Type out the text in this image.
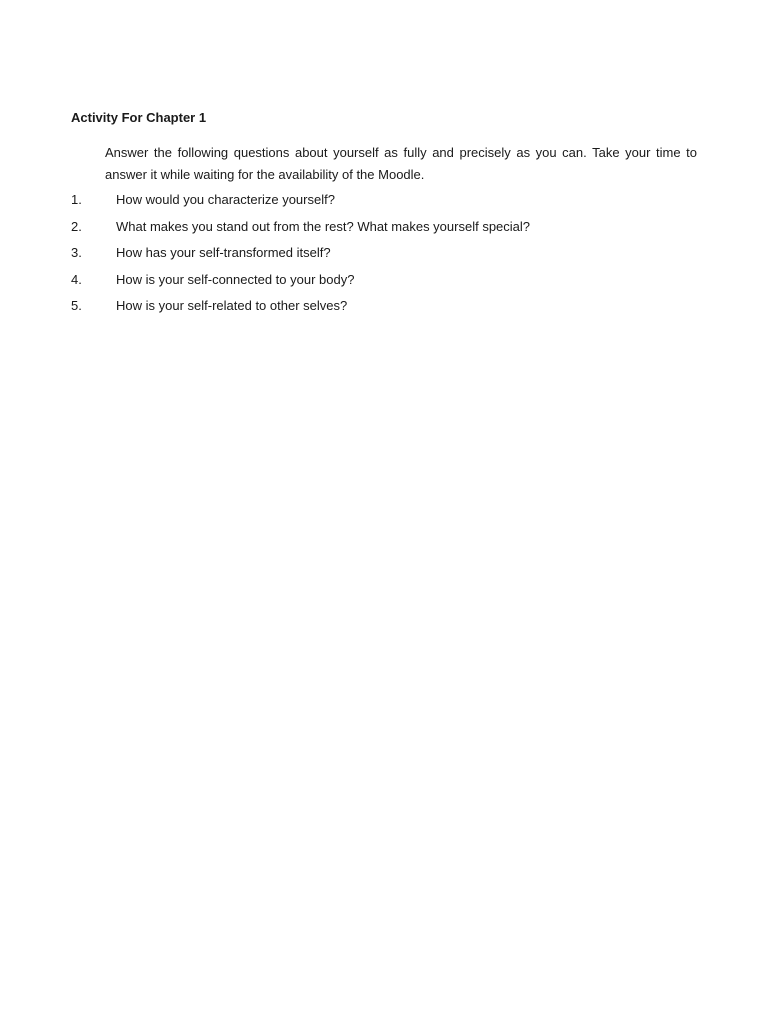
Activity For Chapter 1
Answer the following questions about yourself as fully and precisely as you can. Take your time to answer it while waiting for the availability of the Moodle.
1.	How would you characterize yourself?
2.	What makes you stand out from the rest? What makes yourself special?
3.	How has your self-transformed itself?
4.	How is your self-connected to your body?
5.	How is your self-related to other selves?
